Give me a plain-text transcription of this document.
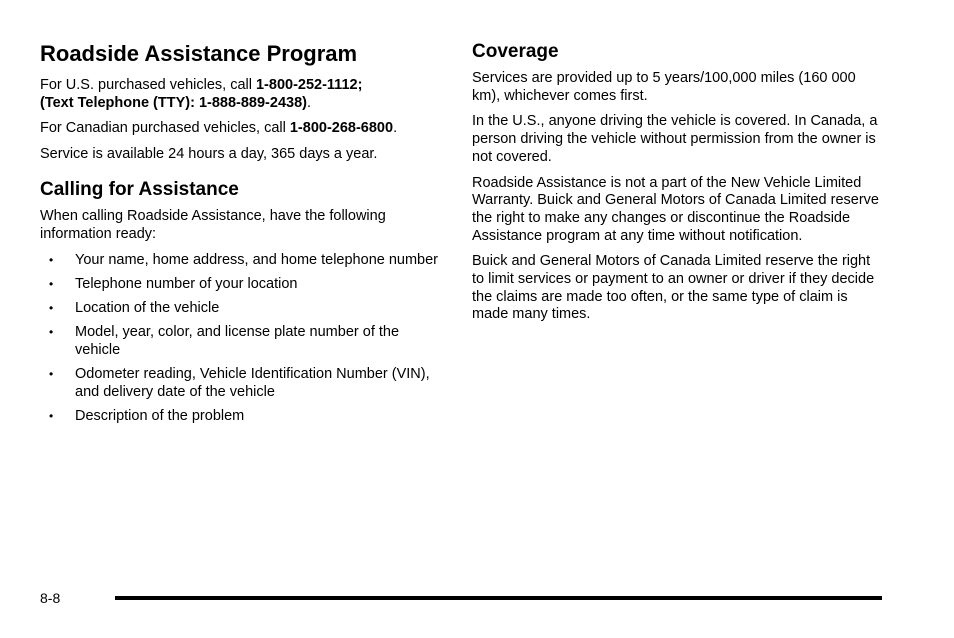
Roadside Assistance Program

For U.S. purchased vehicles, call 1-800-252-1112;
(Text Telephone (TTY): 1-888-889-2438).

For Canadian purchased vehicles, call 1-800-268-6800.

Service is available 24 hours a day, 365 days a year.

Calling for Assistance

When calling Roadside Assistance, have the following information ready:

• Your name, home address, and home telephone number
• Telephone number of your location
• Location of the vehicle
• Model, year, color, and license plate number of the vehicle
• Odometer reading, Vehicle Identification Number (VIN), and delivery date of the vehicle
• Description of the problem
Coverage

Services are provided up to 5 years/100,000 miles (160 000 km), whichever comes first.

In the U.S., anyone driving the vehicle is covered. In Canada, a person driving the vehicle without permission from the owner is not covered.

Roadside Assistance is not a part of the New Vehicle Limited Warranty. Buick and General Motors of Canada Limited reserve the right to make any changes or discontinue the Roadside Assistance program at any time without notification.

Buick and General Motors of Canada Limited reserve the right to limit services or payment to an owner or driver if they decide the claims are made too often, or the same type of claim is made many times.

8-8
